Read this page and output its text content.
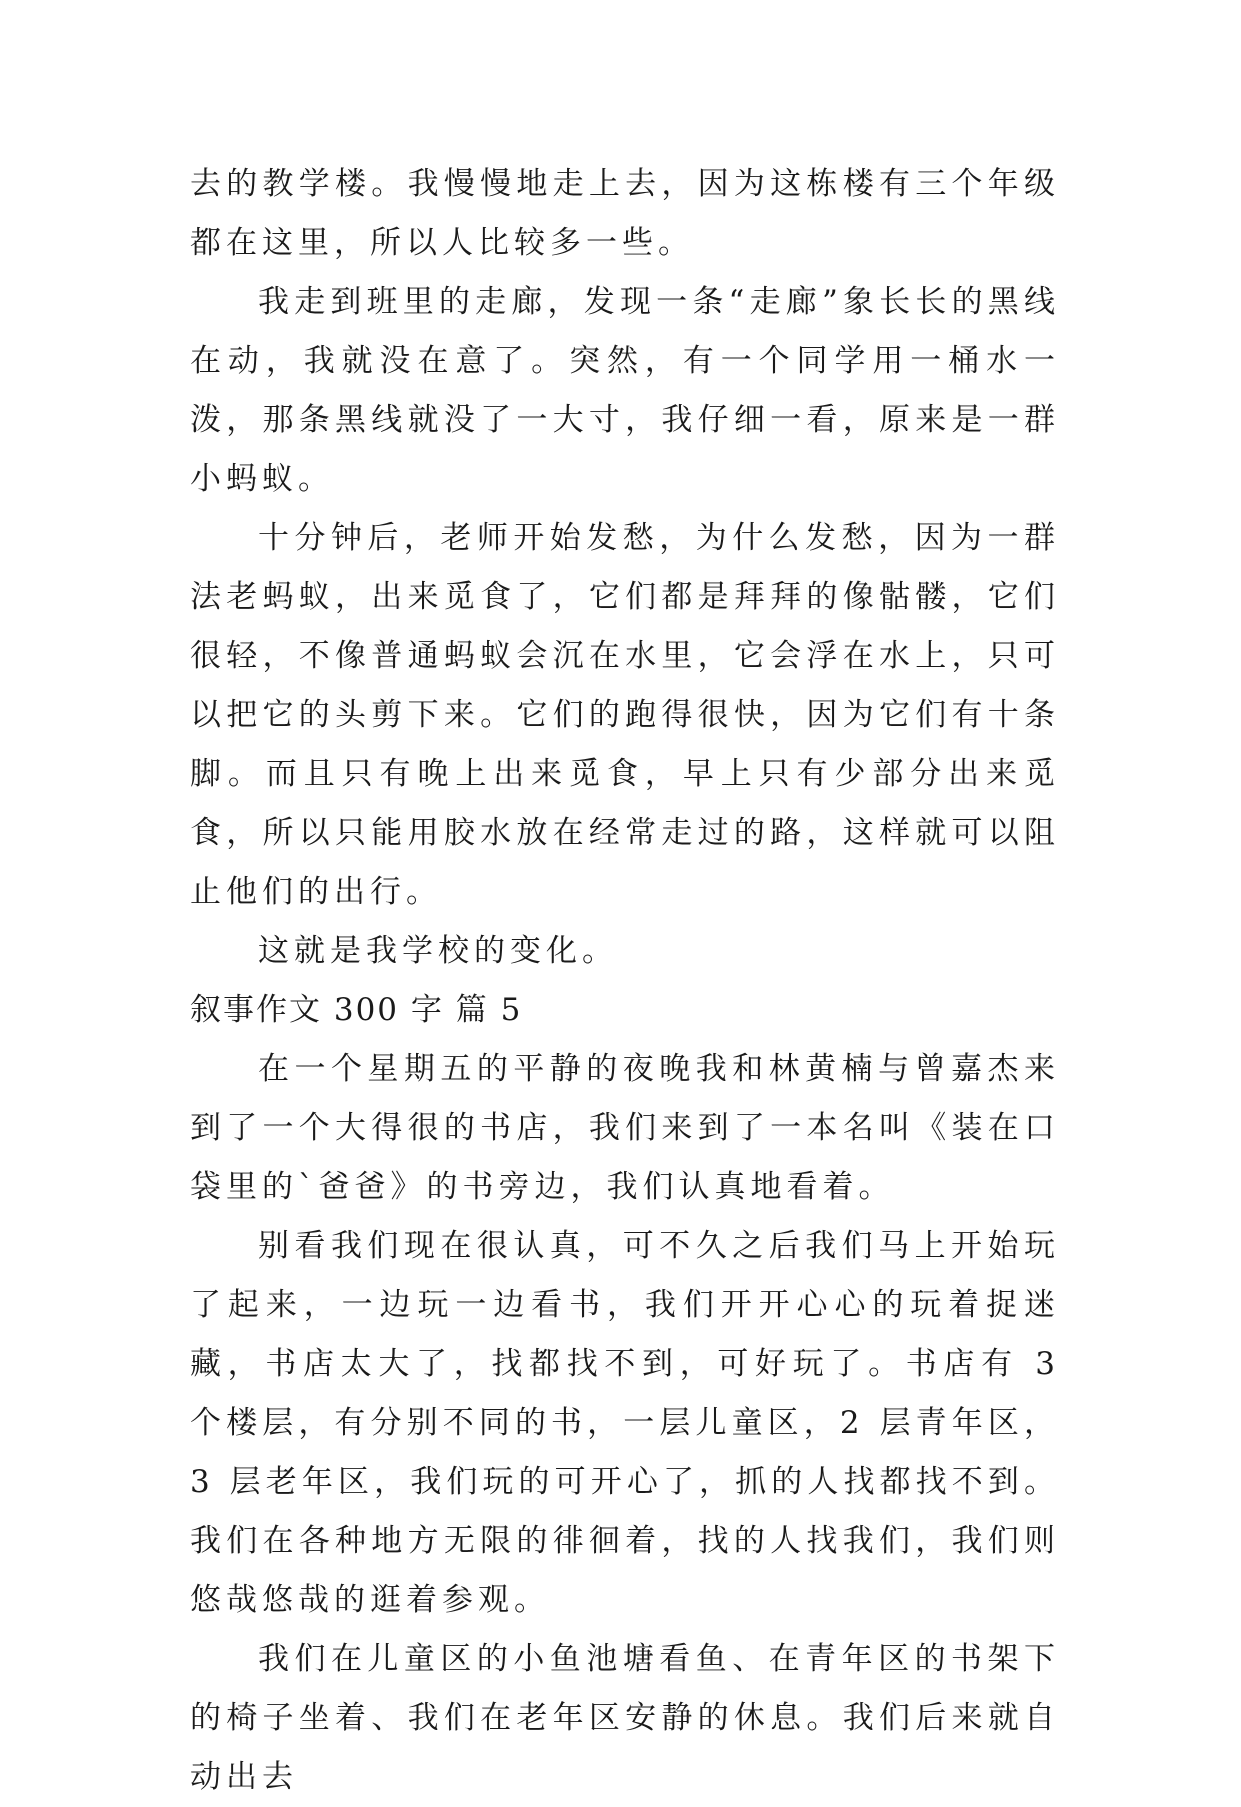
去的教学楼。我慢慢地走上去，因为这栋楼有三个年级都在这里，所以人比较多一些。

我走到班里的走廊，发现一条“走廊”象长长的黑线在动，我就没在意了。突然，有一个同学用一桶水一泼，那条黑线就没了一大寸，我仔细一看，原来是一群小蚂蚁。

十分钟后，老师开始发愁，为什么发愁，因为一群法老蚂蚁，出来觅食了，它们都是拜拜的像骷髅，它们很轻，不像普通蚂蚁会沉在水里，它会浮在水上，只可以把它的头剪下来。它们的跑得很快，因为它们有十条脚。而且只有晚上出来觅食，早上只有少部分出来觅食，所以只能用胶水放在经常走过的路，这样就可以阻止他们的出行。

这就是我学校的变化。

叙事作文 300 字 篇 5

在一个星期五的平静的夜晚我和林黄楠与曾嘉杰来到了一个大得很的书店，我们来到了一本名叫《装在口袋里的`爸爸》的书旁边，我们认真地看着。

别看我们现在很认真，可不久之后我们马上开始玩了起来，一边玩一边看书，我们开开心心的玩着捉迷藏，书店太大了，找都找不到，可好玩了。书店有 3 个楼层，有分别不同的书，一层儿童区，2 层青年区，3 层老年区，我们玩的可开心了，抓的人找都找不到。我们在各种地方无限的徘徊着，找的人找我们，我们则悠哉悠哉的逛着参观。

我们在儿童区的小鱼池塘看鱼、在青年区的书架下的椅子坐着、我们在老年区安静的休息。我们后来就自动出去
